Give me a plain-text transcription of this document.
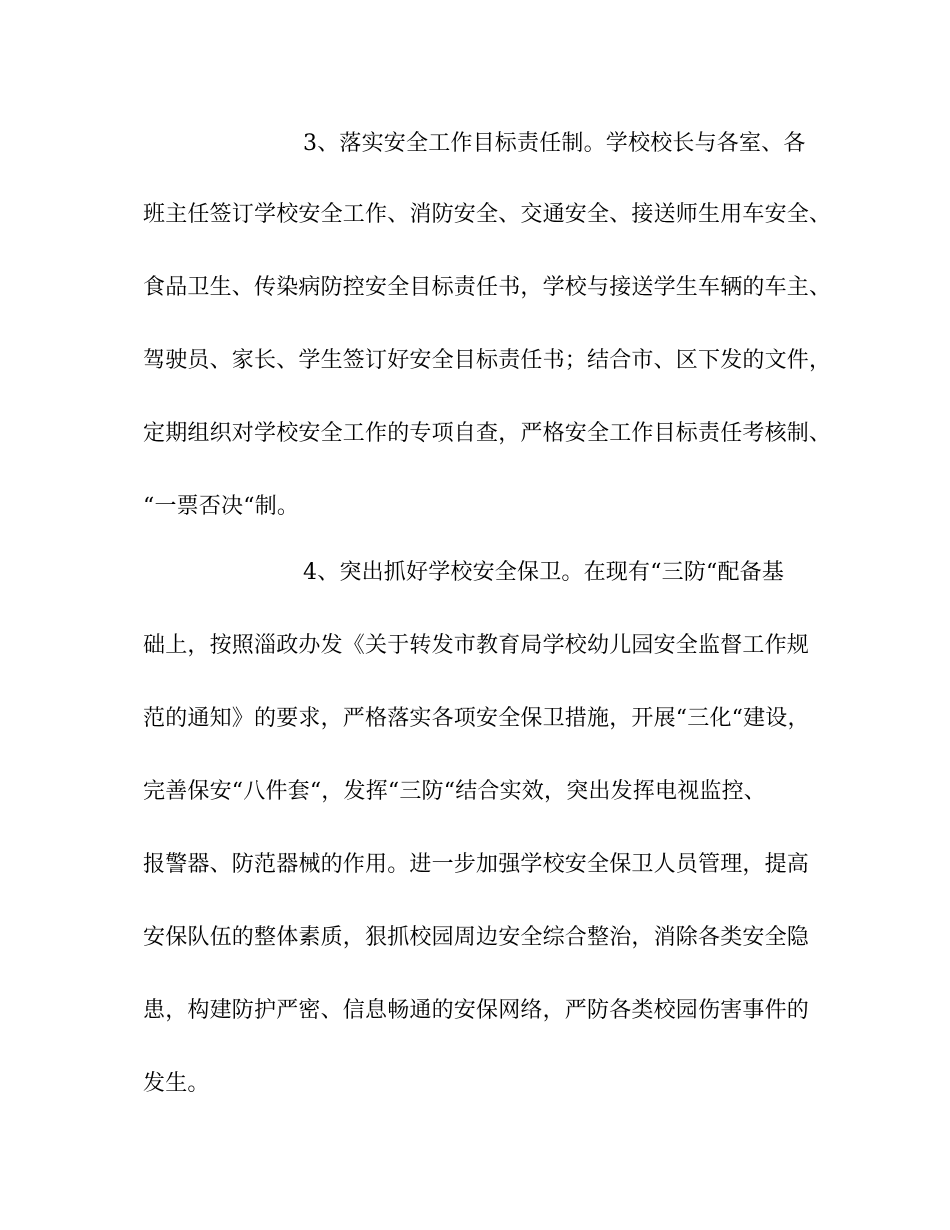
3、落实安全工作目标责任制。学校校长与各室、各
班主任签订学校安全工作、消防安全、交通安全、接送师生用车安全、
食品卫生、传染病防控安全目标责任书，学校与接送学生车辆的车主、
驾驶员、家长、学生签订好安全目标责任书；结合市、区下发的文件，
定期组织对学校安全工作的专项自查，严格安全工作目标责任考核制、
“一票否决“制。
4、突出抓好学校安全保卫。在现有“三防“配备基
础上，按照淄政办发《关于转发市教育局学校幼儿园安全监督工作规
范的通知》的要求，严格落实各项安全保卫措施，开展“三化“建设，
完善保安“八件套“，发挥“三防“结合实效，突出发挥电视监控、
报警器、防范器械的作用。进一步加强学校安全保卫人员管理，提高
安保队伍的整体素质，狠抓校园周边安全综合整治，消除各类安全隐
患，构建防护严密、信息畅通的安保网络，严防各类校园伤害事件的
发生。
